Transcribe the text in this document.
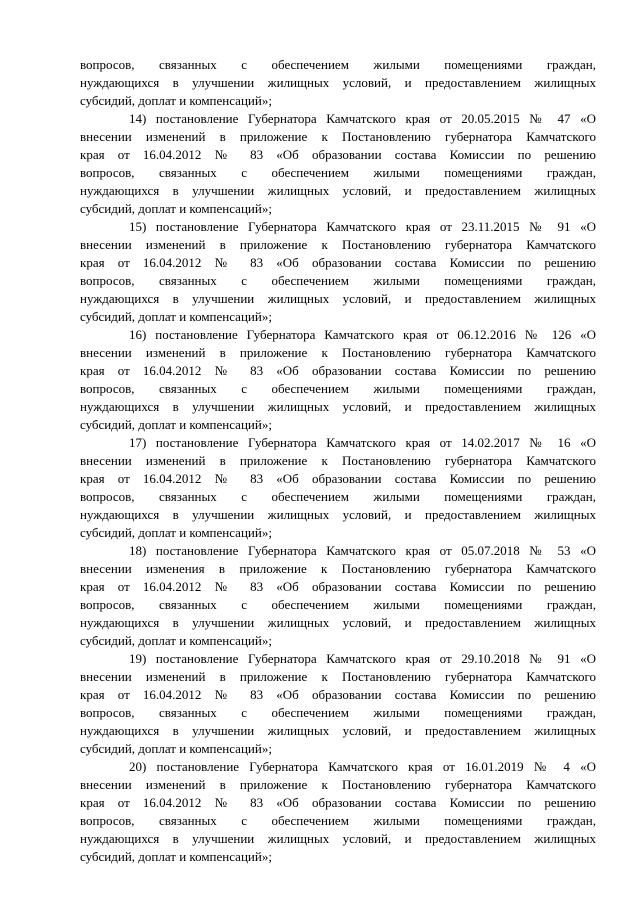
вопросов, связанных с обеспечением жилыми помещениями граждан,
нуждающихся в улучшении жилищных условий, и предоставлением жилищных
субсидий, доплат и компенсаций»;
14) постановление Губернатора Камчатского края от 20.05.2015 № 47 «О
внесении изменений в приложение к Постановлению губернатора Камчатского
края от 16.04.2012 № 83 «Об образовании состава Комиссии по решению
вопросов, связанных с обеспечением жилыми помещениями граждан,
нуждающихся в улучшении жилищных условий, и предоставлением жилищных
субсидий, доплат и компенсаций»;
15) постановление Губернатора Камчатского края от 23.11.2015 № 91 «О
внесении изменений в приложение к Постановлению губернатора Камчатского
края от 16.04.2012 № 83 «Об образовании состава Комиссии по решению
вопросов, связанных с обеспечением жилыми помещениями граждан,
нуждающихся в улучшении жилищных условий, и предоставлением жилищных
субсидий, доплат и компенсаций»;
16) постановление Губернатора Камчатского края от 06.12.2016 № 126 «О
внесении изменений в приложение к Постановлению губернатора Камчатского
края от 16.04.2012 № 83 «Об образовании состава Комиссии по решению
вопросов, связанных с обеспечением жилыми помещениями граждан,
нуждающихся в улучшении жилищных условий, и предоставлением жилищных
субсидий, доплат и компенсаций»;
17) постановление Губернатора Камчатского края от 14.02.2017 № 16 «О
внесении изменений в приложение к Постановлению губернатора Камчатского
края от 16.04.2012 № 83 «Об образовании состава Комиссии по решению
вопросов, связанных с обеспечением жилыми помещениями граждан,
нуждающихся в улучшении жилищных условий, и предоставлением жилищных
субсидий, доплат и компенсаций»;
18) постановление Губернатора Камчатского края от 05.07.2018 № 53 «О
внесении изменения в приложение к Постановлению губернатора Камчатского
края от 16.04.2012 № 83 «Об образовании состава Комиссии по решению
вопросов, связанных с обеспечением жилыми помещениями граждан,
нуждающихся в улучшении жилищных условий, и предоставлением жилищных
субсидий, доплат и компенсаций»;
19) постановление Губернатора Камчатского края от 29.10.2018 № 91 «О
внесении изменений в приложение к Постановлению губернатора Камчатского
края от 16.04.2012 № 83 «Об образовании состава Комиссии по решению
вопросов, связанных с обеспечением жилыми помещениями граждан,
нуждающихся в улучшении жилищных условий, и предоставлением жилищных
субсидий, доплат и компенсаций»;
20) постановление Губернатора Камчатского края от 16.01.2019 № 4 «О
внесении изменений в приложение к Постановлению губернатора Камчатского
края от 16.04.2012 № 83 «Об образовании состава Комиссии по решению
вопросов, связанных с обеспечением жилыми помещениями граждан,
нуждающихся в улучшении жилищных условий, и предоставлением жилищных
субсидий, доплат и компенсаций»;
